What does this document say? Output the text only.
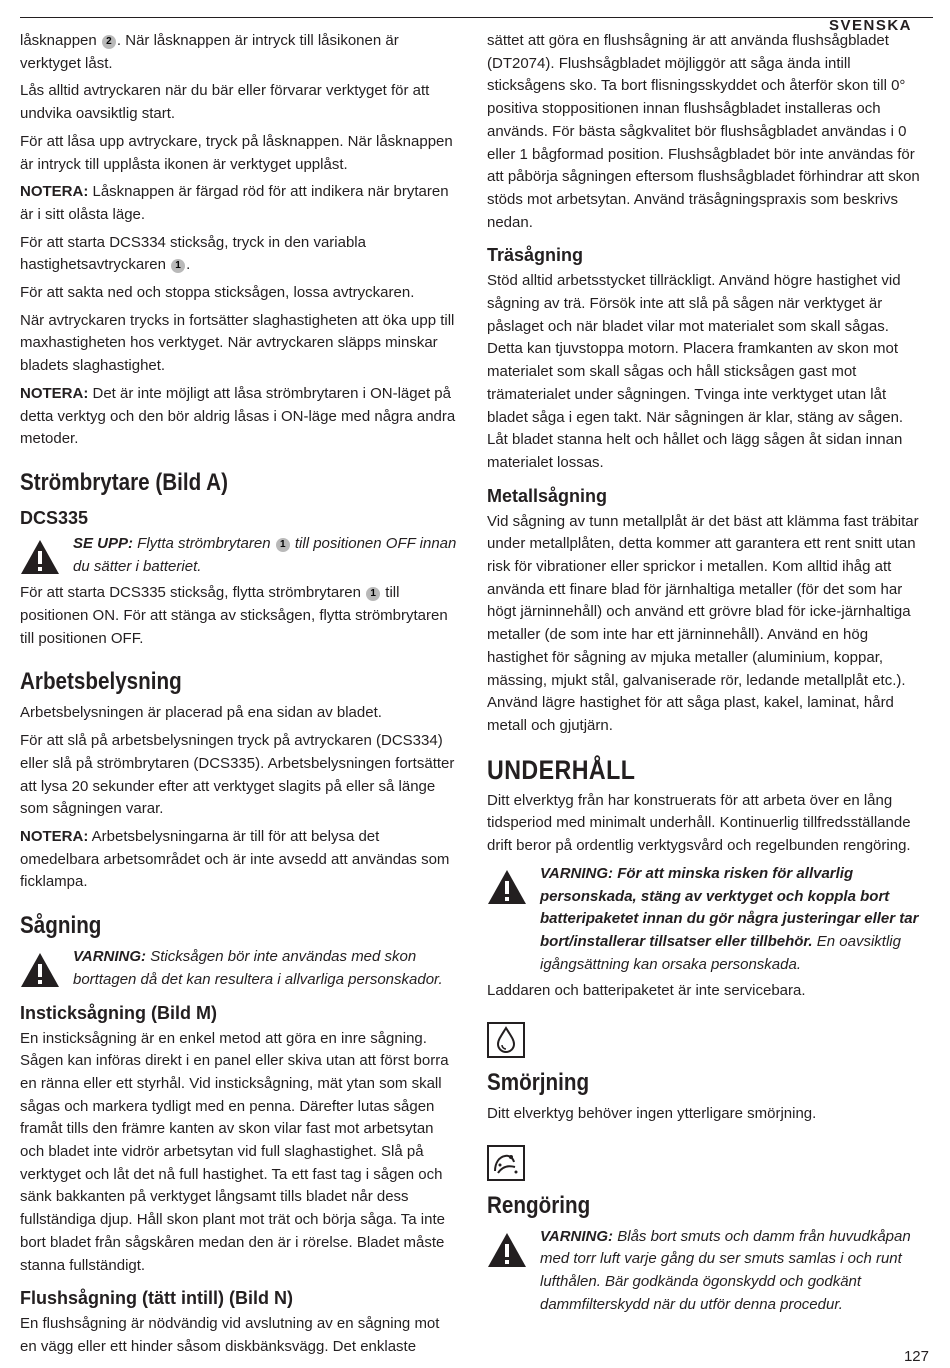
SVENSKA

låsknappen 2 . När låsknappen är intryck till låsikonen är verktyget låst.

Lås alltid avtryckaren när du bär eller förvarar verktyget för att undvika oavsiktlig start.

För att låsa upp avtryckare, tryck på låsknappen. När låsknappen är intryck till upplåsta ikonen är verktyget upplåst.

NOTERA: Låsknappen är färgad röd för att indikera när brytaren är i sitt olåsta läge.

För att starta DCS334 sticksåg, tryck in den variabla hastighetsavtryckaren 1 .

För att sakta ned och stoppa sticksågen, lossa avtryckaren.

När avtryckaren trycks in fortsätter slaghastigheten att öka upp till maxhastigheten hos verktyget. När avtryckaren släpps minskar bladets slaghastighet.

NOTERA: Det är inte möjligt att låsa strömbrytaren i ON-läget på detta verktyg och den bör aldrig låsas i ON-läge med några andra metoder.

Strömbrytare (Bild A)
DCS335

SE UPP: Flytta strömbrytaren 1 till positionen OFF innan du sätter i batteriet.

För att starta DCS335 sticksåg, flytta strömbrytaren 1 till positionen ON. För att stänga av sticksågen, flytta strömbrytaren till positionen OFF.

Arbetsbelysning

Arbetsbelysningen är placerad på ena sidan av bladet.

För att slå på arbetsbelysningen tryck på avtryckaren (DCS334) eller slå på strömbrytaren (DCS335). Arbetsbelysningen fortsätter att lysa 20 sekunder efter att verktyget slagits på eller så länge som sågningen varar.

NOTERA: Arbetsbelysningarna är till för att belysa det omedelbara arbetsområdet och är inte avsedd att användas som ficklampa.

Sågning

VARNING: Sticksågen bör inte användas med skon borttagen då det kan resultera i allvarliga personskador.

Insticksågning (Bild M)

En insticksågning är en enkel metod att göra en inre sågning. Sågen kan införas direkt i en panel eller skiva utan att först borra en ränna eller ett styrhål. Vid insticksågning, mät ytan som skall sågas och markera tydligt med en penna. Därefter lutas sågen framåt tills den främre kanten av skon vilar fast mot arbetsytan och bladet inte vidrör arbetsytan vid full slaghastighet. Slå på verktyget och låt det nå full hastighet. Ta ett fast tag i sågen och sänk bakkanten på verktyget långsamt tills bladet når dess fullständiga djup. Håll skon plant mot trät och börja såga. Ta inte bort bladet från sågskåren medan den är i rörelse. Bladet måste stanna fullständigt.

Flushsågning (tätt intill) (Bild N)

En flushsågning är nödvändig vid avslutning av en sågning mot en vägg eller ett hinder såsom diskbänksvägg. Det enklaste

sättet att göra en flushsågning är att använda flushsågbladet (DT2074). Flushsågbladet möjliggör att såga ända intill sticksågens sko. Ta bort flisningsskyddet och återför skon till 0° positiva stoppositionen innan flushsågbladet installeras och används. För bästa sågkvalitet bör flushsågbladet användas i 0 eller 1 bågformad position. Flushsågbladet bör inte användas för att påbörja sågningen eftersom flushsågbladet förhindrar att skon stöds mot arbetsytan. Använd träsågningspraxis som beskrivs nedan.

Träsågning

Stöd alltid arbetsstycket tillräckligt. Använd högre hastighet vid sågning av trä. Försök inte att slå på sågen när verktyget är påslaget och när bladet vilar mot materialet som skall sågas. Detta kan tjuvstoppa motorn. Placera framkanten av skon mot materialet som skall sågas och håll sticksågen gast mot trämaterialet under sågningen. Tvinga inte verktyget utan låt bladet såga i egen takt. När sågningen är klar, stäng av sågen. Låt bladet stanna helt och hållet och lägg sågen åt sidan innan materialet lossas.

Metallsågning

Vid sågning av tunn metallplåt är det bäst att klämma fast träbitar under metallplåten, detta kommer att garantera ett rent snitt utan risk för vibrationer eller sprickor i metallen. Kom alltid ihåg att använda ett finare blad för järnhaltiga metaller (för det som har högt järninnehåll) och använd ett grövre blad för icke-järnhaltiga metaller (de som inte har ett järninnehåll). Använd en hög hastighet för sågning av mjuka metaller (aluminium, koppar, mässing, mjukt stål, galvaniserade rör, ledande metallplåt etc.). Använd lägre hastighet för att såga plast, kakel, laminat, hård metall och gjutjärn.

UNDERHÅLL

Ditt elverktyg från har konstruerats för att arbeta över en lång tidsperiod med minimalt underhåll. Kontinuerlig tillfredsställande drift beror på ordentlig verktygsvård och regelbunden rengöring.

VARNING: För att minska risken för allvarlig personskada, stäng av verktyget och koppla bort batteripaketet innan du gör några justeringar eller tar bort/installerar tillsatser eller tillbehör. En oavsiktlig igångsättning kan orsaka personskada.

Laddaren och batteripaketet är inte servicebara.

Smörjning

Ditt elverktyg behöver ingen ytterligare smörjning.

Rengöring

VARNING: Blås bort smuts och damm från huvudkåpan med torr luft varje gång du ser smuts samlas i och runt lufthålen. Bär godkända ögonskydd och godkänt dammfilterskydd när du utför denna procedur.

127
